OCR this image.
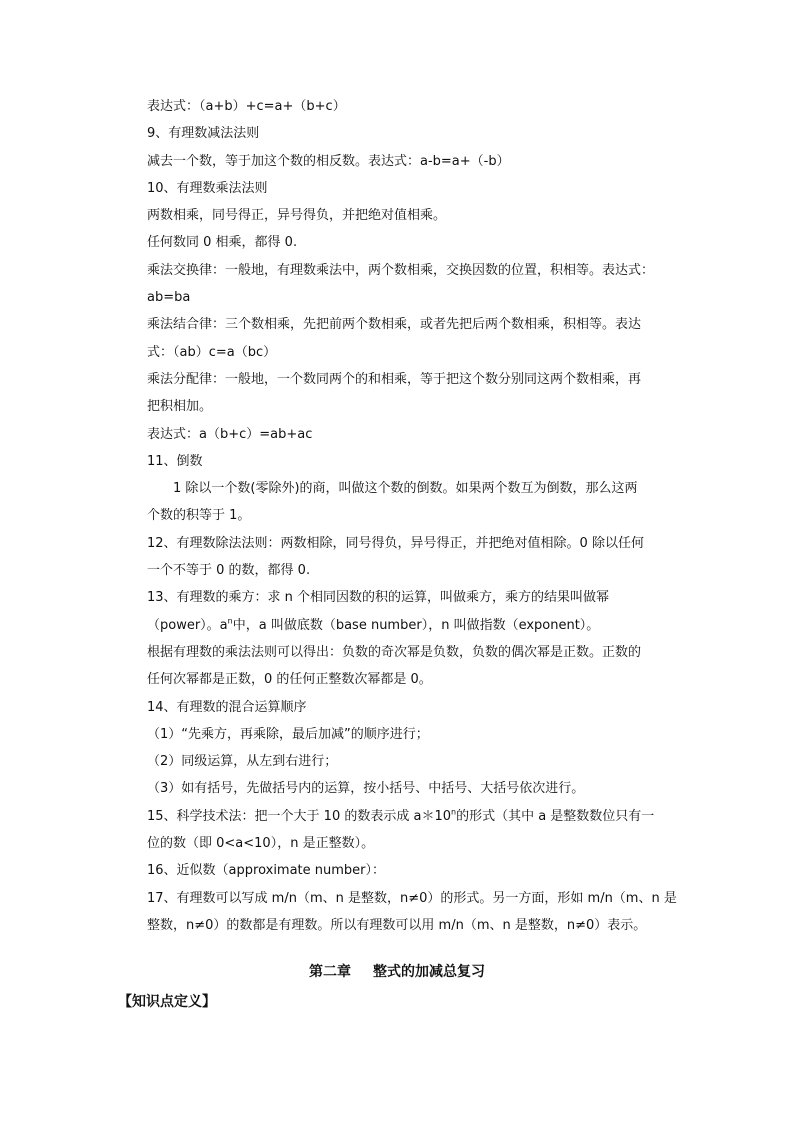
表达式：（a+b）+c=a+（b+c）
9、有理数减法法则
减去一个数，等于加这个数的相反数。表达式：a-b=a+（-b）
10、有理数乘法法则
两数相乘，同号得正，异号得负，并把绝对值相乘。
任何数同 0 相乘，都得 0.
乘法交换律：一般地，有理数乘法中，两个数相乘，交换因数的位置，积相等。表达式：
ab=ba
乘法结合律：三个数相乘，先把前两个数相乘，或者先把后两个数相乘，积相等。表达
式：（ab）c=a（bc）
乘法分配律：一般地，一个数同两个的和相乘，等于把这个数分别同这两个数相乘，再
把积相加。
表达式：a（b+c）=ab+ac
11、倒数
1 除以一个数(零除外)的商，叫做这个数的倒数。如果两个数互为倒数，那么这两
个数的积等于 1。
12、有理数除法法则：两数相除，同号得负，异号得正，并把绝对值相除。0 除以任何
一个不等于 0 的数，都得 0.
13、有理数的乘方：求 n 个相同因数的积的运算，叫做乘方，乘方的结果叫做幂
（power）。$a^n$中，a 叫做底数（base number），n 叫做指数（exponent）。
根据有理数的乘法法则可以得出：负数的奇次幂是负数，负数的偶次幂是正数。正数的
任何次幂都是正数，0 的任何正整数次幂都是 0。
14、有理数的混合运算顺序
（1）“先乘方，再乘除，最后加减”的顺序进行；
（2）同级运算，从左到右进行；
（3）如有括号，先做括号内的运算，按小括号、中括号、大括号依次进行。
15、科学技术法：把一个大于 10 的数表示成 a＊10$^n$的形式（其中 a 是整数数位只有一
位的数（即 0<a<10），n 是正整数）。
16、近似数（approximate number）：
17、有理数可以写成 m/n（m、n 是整数，n≠0）的形式。另一方面，形如 m/n（m、n 是
整数，n≠0）的数都是有理数。所以有理数可以用 m/n（m、n 是整数，n≠0）表示。
第二章 整式的加减总复习
【知识点定义】
